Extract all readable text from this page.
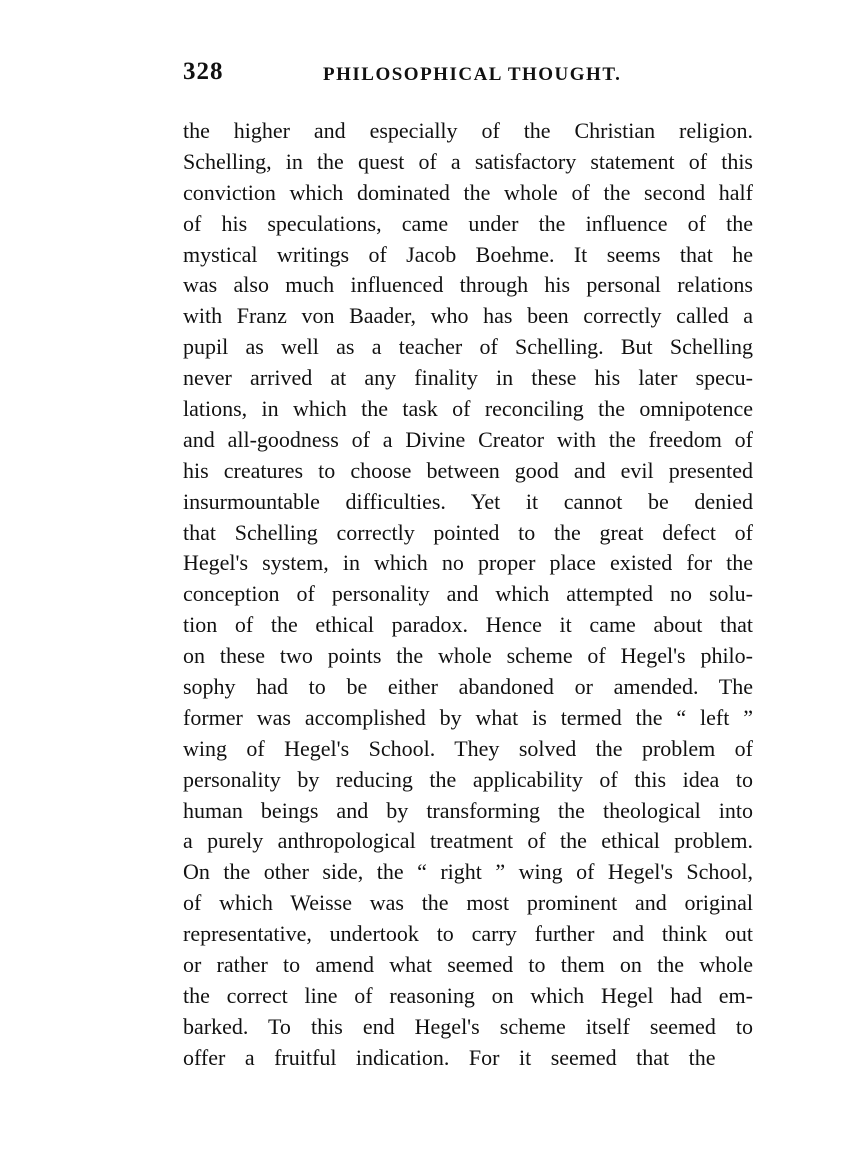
328	PHILOSOPHICAL THOUGHT.
the higher and especially of the Christian religion.
Schelling, in the quest of a satisfactory statement of this
conviction which dominated the whole of the second half
of his speculations, came under the influence of the
mystical writings of Jacob Boehme. It seems that he
was also much influenced through his personal relations
with Franz von Baader, who has been correctly called a
pupil as well as a teacher of Schelling. But Schelling
never arrived at any finality in these his later specu-
lations, in which the task of reconciling the omnipotence
and all-goodness of a Divine Creator with the freedom of
his creatures to choose between good and evil presented
insurmountable difficulties. Yet it cannot be denied
that Schelling correctly pointed to the great defect of
Hegel's system, in which no proper place existed for the
conception of personality and which attempted no solu-
tion of the ethical paradox. Hence it came about that
on these two points the whole scheme of Hegel's philo-
sophy had to be either abandoned or amended. The
former was accomplished by what is termed the “ left ”
wing of Hegel's School. They solved the problem of
personality by reducing the applicability of this idea to
human beings and by transforming the theological into
a purely anthropological treatment of the ethical problem.
On the other side, the “ right ” wing of Hegel's School,
of which Weisse was the most prominent and original
representative, undertook to carry further and think out
or rather to amend what seemed to them on the whole
the correct line of reasoning on which Hegel had em-
barked. To this end Hegel's scheme itself seemed to
offer a fruitful indication. For it seemed that the
